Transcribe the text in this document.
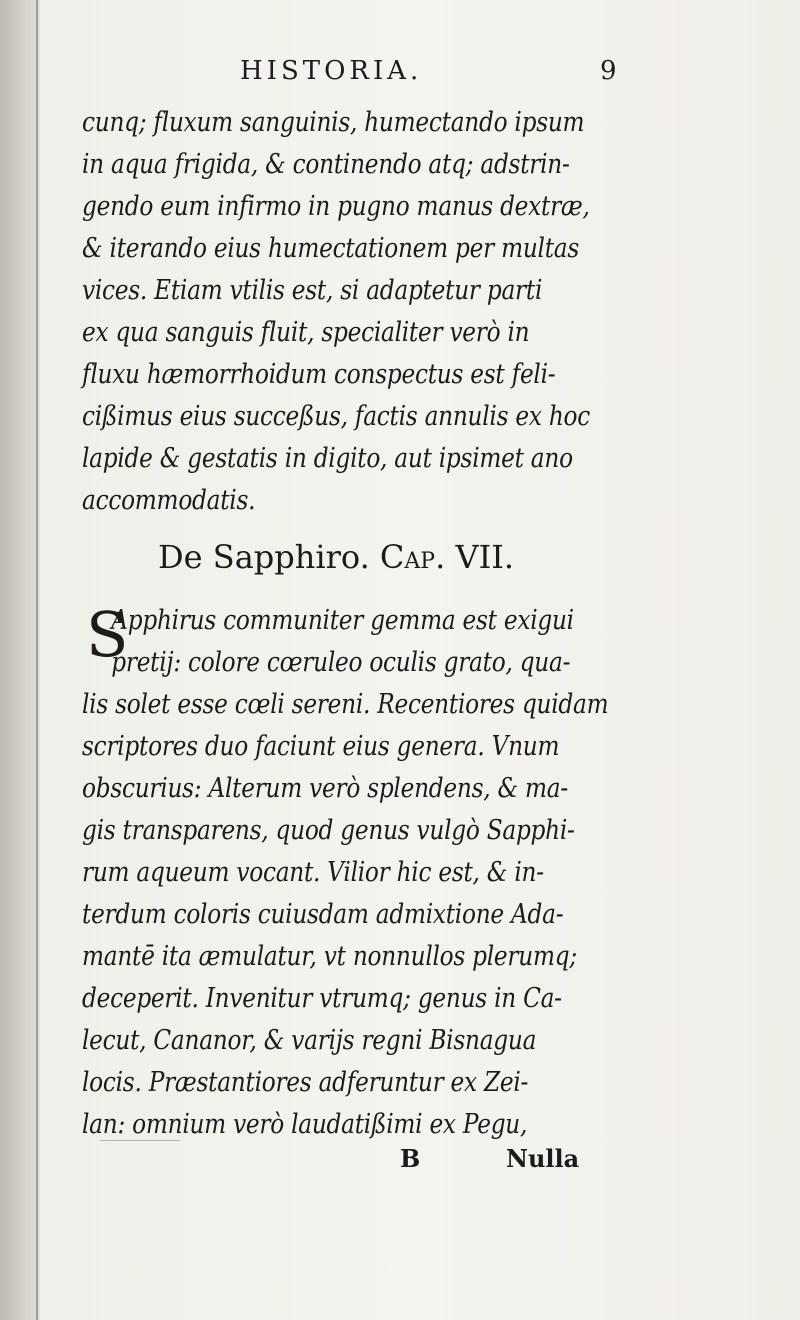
HISTORIA.	9
cunq; fluxum sanguinis, humectando ipsum
in aqua frigida, & continendo atq; adstrin-
gendo eum infirmo in pugno manus dextræ,
& iterando eius humectationem per multas
vices. Etiam vtilis est, si adaptetur parti
ex qua sanguis fluit, specialiter verò in
fluxu hæmorrhoidum conspectus est feli-
cißimus eius succeßus, factis annulis ex hoc
lapide & gestatis in digito, aut ipsimet ano
accommodatis.
De Sapphiro. Cap. VII.
S
Apphirus communiter gemma est exigui
pretij: colore cœruleo oculis grato, qua-
lis solet esse cœli sereni. Recentiores quidam
scriptores duo faciunt eius genera. Vnum
obscurius: Alterum verò splendens, & ma-
gis transparens, quod genus vulgò Sapphi-
rum aqueum vocant. Vilior hic est, & in-
terdum coloris cuiusdam admixtione Ada-
mantē ita æmulatur, vt nonnullos plerumq;
deceperit. Invenitur vtrumq; genus in Ca-
lecut, Cananor, & varijs regni Bisnagua
locis. Præstantiores adferuntur ex Zei-
lan: omnium verò laudatißimi ex Pegu,
B	Nulla
